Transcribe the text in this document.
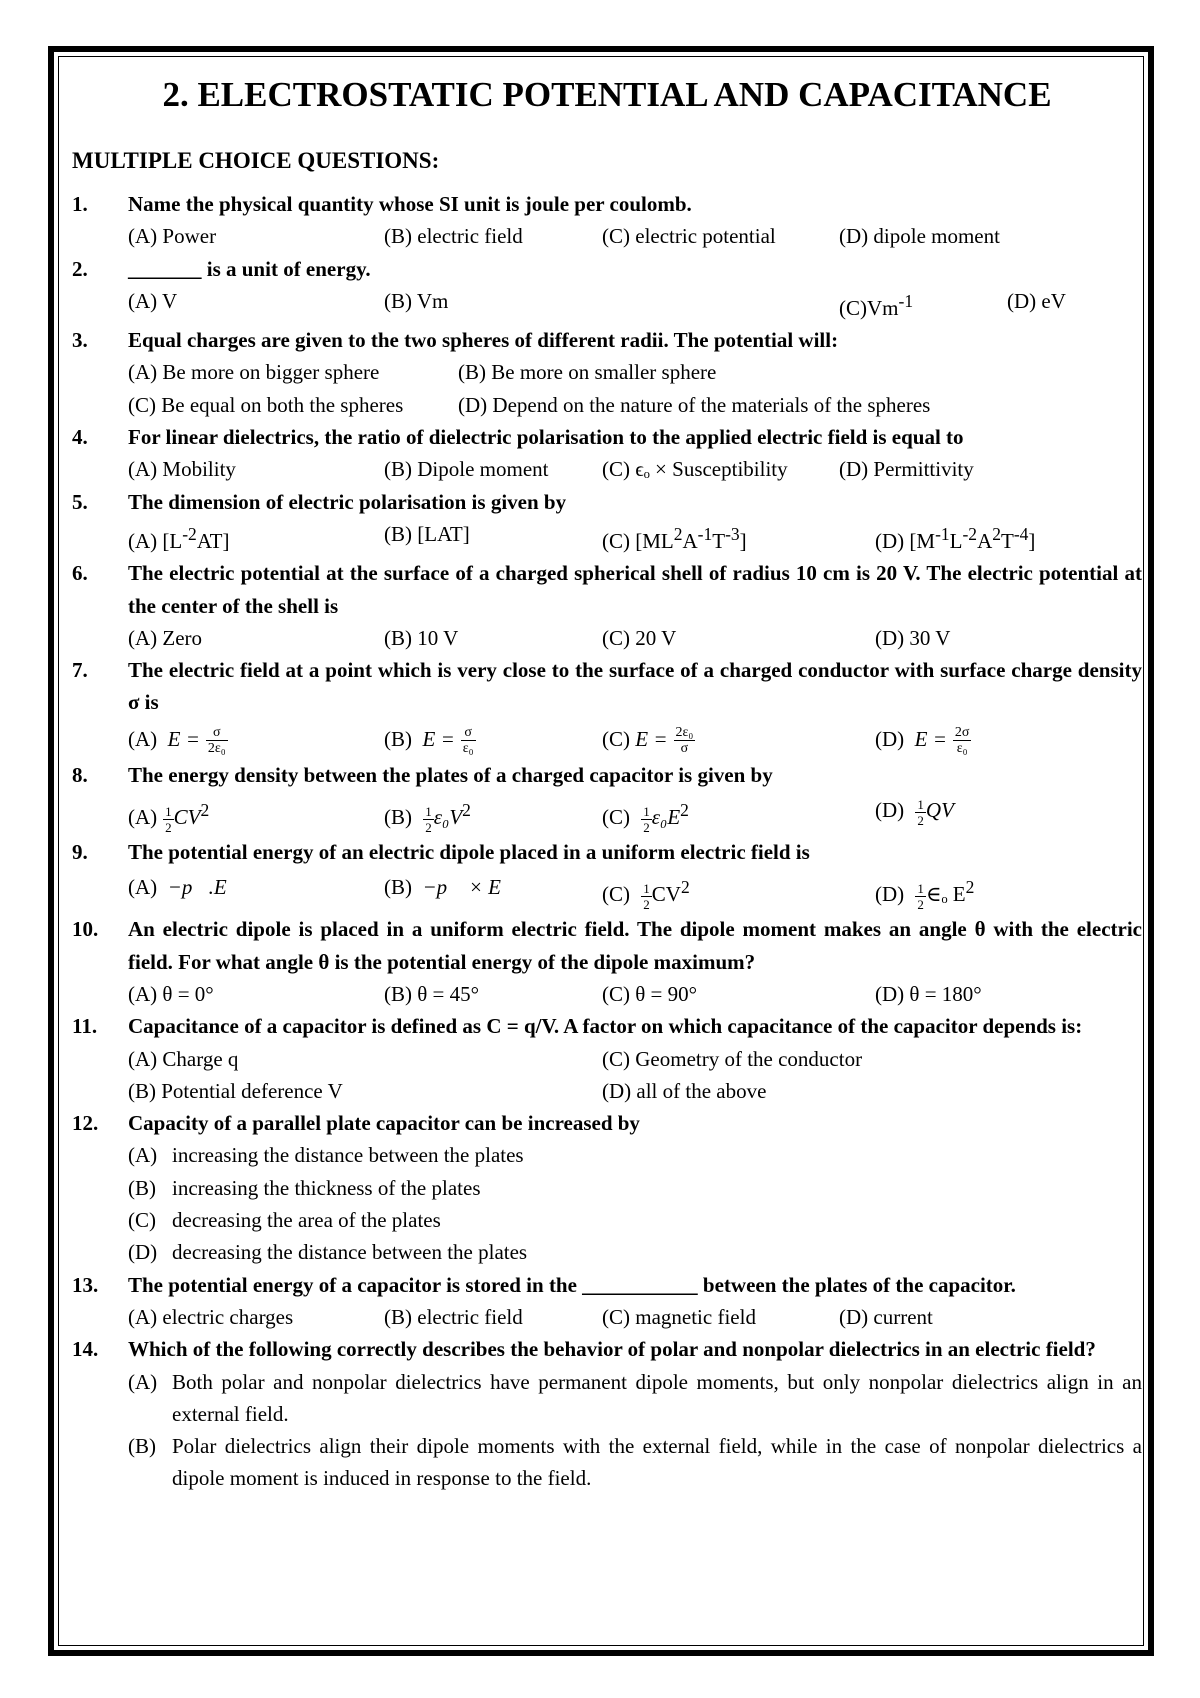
2. ELECTROSTATIC POTENTIAL AND CAPACITANCE
MULTIPLE CHOICE QUESTIONS:
1.	Name the physical quantity whose SI unit is joule per coulomb.
(A) Power	(B) electric field	(C) electric potential	(D) dipole moment
2.	_______ is a unit of energy.
(A) V	(B) Vm	$(C)Vm^{-1}$	(D) eV
3.	Equal charges are given to the two spheres of different radii. The potential will:
(A) Be more on bigger sphere	(B) Be more on smaller sphere
(C) Be equal on both the spheres	(D) Depend on the nature of the materials of the spheres
4.	For linear dielectrics, the ratio of dielectric polarisation to the applied electric field is equal to
(A) Mobility	(B) Dipole moment	(C) ϵₒ × Susceptibility	(D) Permittivity
5.	The dimension of electric polarisation is given by
(A) $[L^{-2}AT]$	(B) [LAT]	(C) $[ML^2A^{-1}T^{-3}]$	(D) $[M^{-1}L^{-2}A^2T^{-4}]$
6.	The electric potential at the surface of a charged spherical shell of radius 10 cm is 20 V. The electric potential at the center of the shell is
(A) Zero	(B) 10 V	(C) 20 V	(D) 30 V
7.	The electric field at a point which is very close to the surface of a charged conductor with surface charge density σ is
(A) $E = \frac{\sigma}{\text{2ε₀}}$	(B) $E = \frac{\sigma}{\text{ε₀}}$	(C) $E = \frac{\text{2ε₀}}{\sigma}$	(D) $E = \frac{2\sigma}{\text{ε₀}}$
8.	The energy density between the plates of a charged capacitor is given by
$(A) \frac{1}{2} CV^2$	$(B) \frac{1}{2} \varepsilon_0V^2$	$(C) \frac{1}{2} \varepsilon_0E^2$	$(D) \frac{1}{2}$ QV
9.	The potential energy of an electric dipole placed in a uniform electric field is
(A) −p⃗.E⃗	(B) −p⃗ × E⃗	$(C) \frac{1}{2} CV^2$	$(D) \frac{1}{2}$ ∈ₒ $E^2$
10.	An electric dipole is placed in a uniform electric field. The dipole moment makes an angle θ with the electric field. For what angle θ is the potential energy of the dipole maximum?
(A) θ = 0°	(B) θ = 45°	(C) θ = 90°	(D) θ = 180°
11.	Capacitance of a capacitor is defined as C = q/V. A factor on which capacitance of the capacitor depends is:
(A) Charge q	(C) Geometry of the conductor
(B) Potential deference V	(D) all of the above
12.	Capacity of a parallel plate capacitor can be increased by
(A) increasing the distance between the plates
(B) increasing the thickness of the plates
(C) decreasing the area of the plates
(D) decreasing the distance between the plates
13.	The potential energy of a capacitor is stored in the ___________ between the plates of the capacitor.
(A) electric charges	(B) electric field	(C) magnetic field	(D) current
14.	Which of the following correctly describes the behavior of polar and nonpolar dielectrics in an electric field?
(A) Both polar and nonpolar dielectrics have permanent dipole moments, but only nonpolar dielectrics align in an external field.
(B) Polar dielectrics align their dipole moments with the external field, while in the case of nonpolar dielectrics a dipole moment is induced in response to the field.
